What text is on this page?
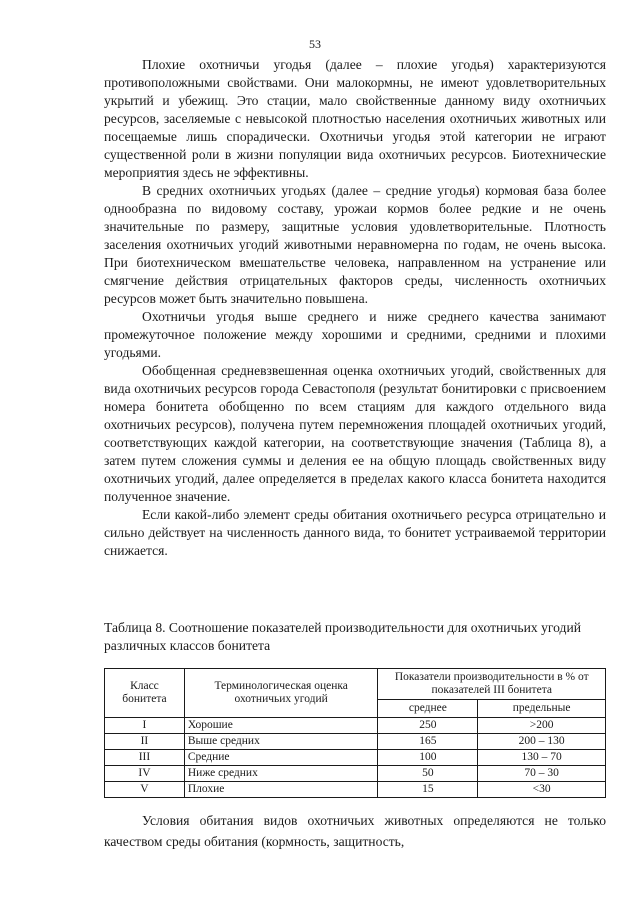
53

Плохие охотничьи угодья (далее – плохие угодья) характеризуются противоположными свойствами. Они малокормны, не имеют удовлетворительных укрытий и убежищ. Это стации, мало свойственные данному виду охотничьих ресурсов, заселяемые с невысокой плотностью населения охотничьих животных или посещаемые лишь спорадически. Охотничьи угодья этой категории не играют существенной роли в жизни популяции вида охотничьих ресурсов. Биотехнические мероприятия здесь не эффективны.

В средних охотничьих угодьях (далее – средние угодья) кормовая база более однообразна по видовому составу, урожаи кормов более редкие и не очень значительные по размеру, защитные условия удовлетворительные. Плотность заселения охотничьих угодий животными неравномерна по годам, не очень высока. При биотехническом вмешательстве человека, направленном на устранение или смягчение действия отрицательных факторов среды, численность охотничьих ресурсов может быть значительно повышена.

Охотничьи угодья выше среднего и ниже среднего качества занимают промежуточное положение между хорошими и средними, средними и плохими угодьями.

Обобщенная средневзвешенная оценка охотничьих угодий, свойственных для вида охотничьих ресурсов города Севастополя (результат бонитировки с присвоением номера бонитета обобщенно по всем стациям для каждого отдельного вида охотничьих ресурсов), получена путем перемножения площадей охотничьих угодий, соответствующих каждой категории, на соответствующие значения (Таблица 8), а затем путем сложения суммы и деления ее на общую площадь свойственных виду охотничьих угодий, далее определяется в пределах какого класса бонитета находится полученное значение.

Если какой-либо элемент среды обитания охотничьего ресурса отрицательно и сильно действует на численность данного вида, то бонитет устраиваемой территории снижается.

Таблица 8. Соотношение показателей производительности для охотничьих угодий различных классов бонитета

Класс бонитета	Терминологическая оценка охотничьих угодий	Показатели производительности в % от показателей III бонитета	
		среднее	предельные
I	Хорошие	250	>200
II	Выше средних	165	200 – 130
III	Средние	100	130 – 70
IV	Ниже средних	50	70 – 30
V	Плохие	15	<30

Условия обитания видов охотничьих животных определяются не только качеством среды обитания (кормность, защитность,
